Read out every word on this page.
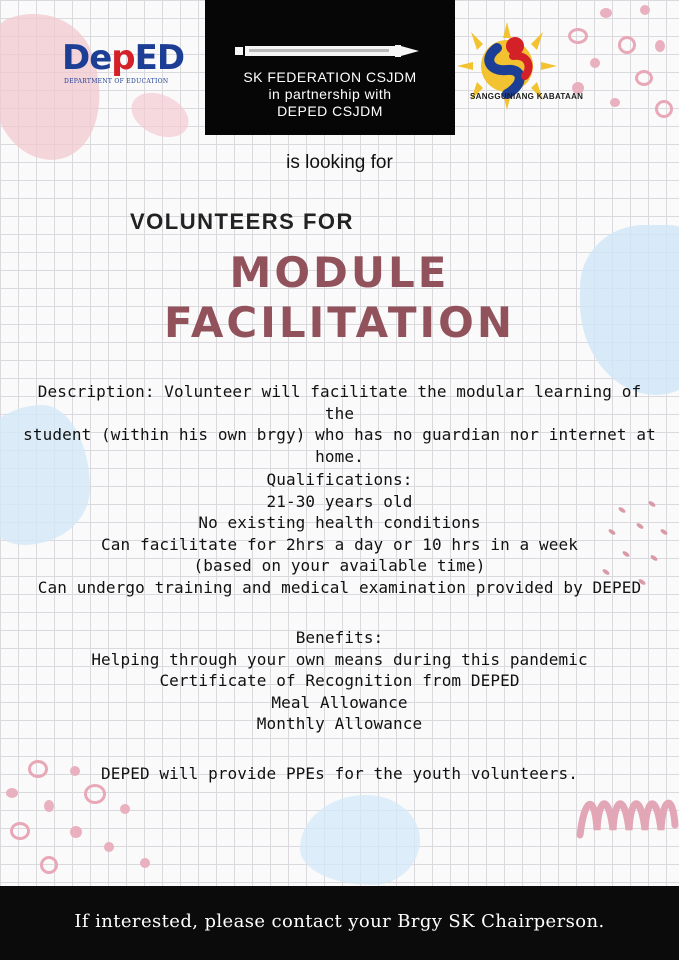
DepED
DEPARTMENT OF EDUCATION	SK FEDERATION CSJDM
in partnership with
DEPED CSJDM
SANGGUNIANG KABATAAN
is looking for
VOLUNTEERS FOR
MODULE
FACILITATION
Description: Volunteer will facilitate the modular learning of the
student (within his own brgy) who has no guardian nor internet at
home.
Qualifications:
21-30 years old
No existing health conditions
Can facilitate for 2hrs a day or 10 hrs in a week
(based on your available time)
Can undergo training and medical examination provided by DEPED
Benefits:
Helping through your own means during this pandemic
Certificate of Recognition from DEPED
Meal Allowance
Monthly Allowance
DEPED will provide PPEs for the youth volunteers.
If interested, please contact your Brgy SK Chairperson.
